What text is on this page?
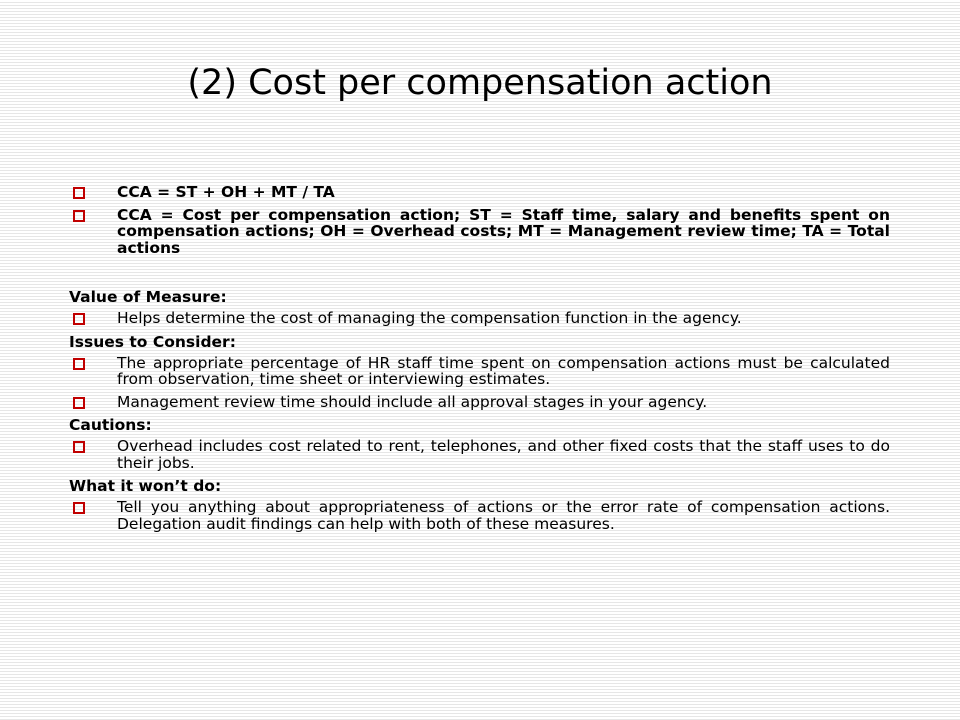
(2) Cost per compensation action
CCA = ST + OH + MT / TA
CCA = Cost per compensation action; ST = Staff time, salary and benefits spent on compensation actions; OH = Overhead costs; MT = Management review time; TA = Total actions
Value of Measure:
Helps determine the cost of managing the compensation function in the agency.
Issues to Consider:
The appropriate percentage of HR staff time spent on compensation actions must be calculated from observation, time sheet or interviewing estimates.
Management review time should include all approval stages in your agency.
Cautions:
Overhead includes cost related to rent, telephones, and other fixed costs that the staff uses to do their jobs.
What it won’t do:
Tell you anything about appropriateness of actions or the error rate of compensation actions. Delegation audit findings can help with both of these measures.
